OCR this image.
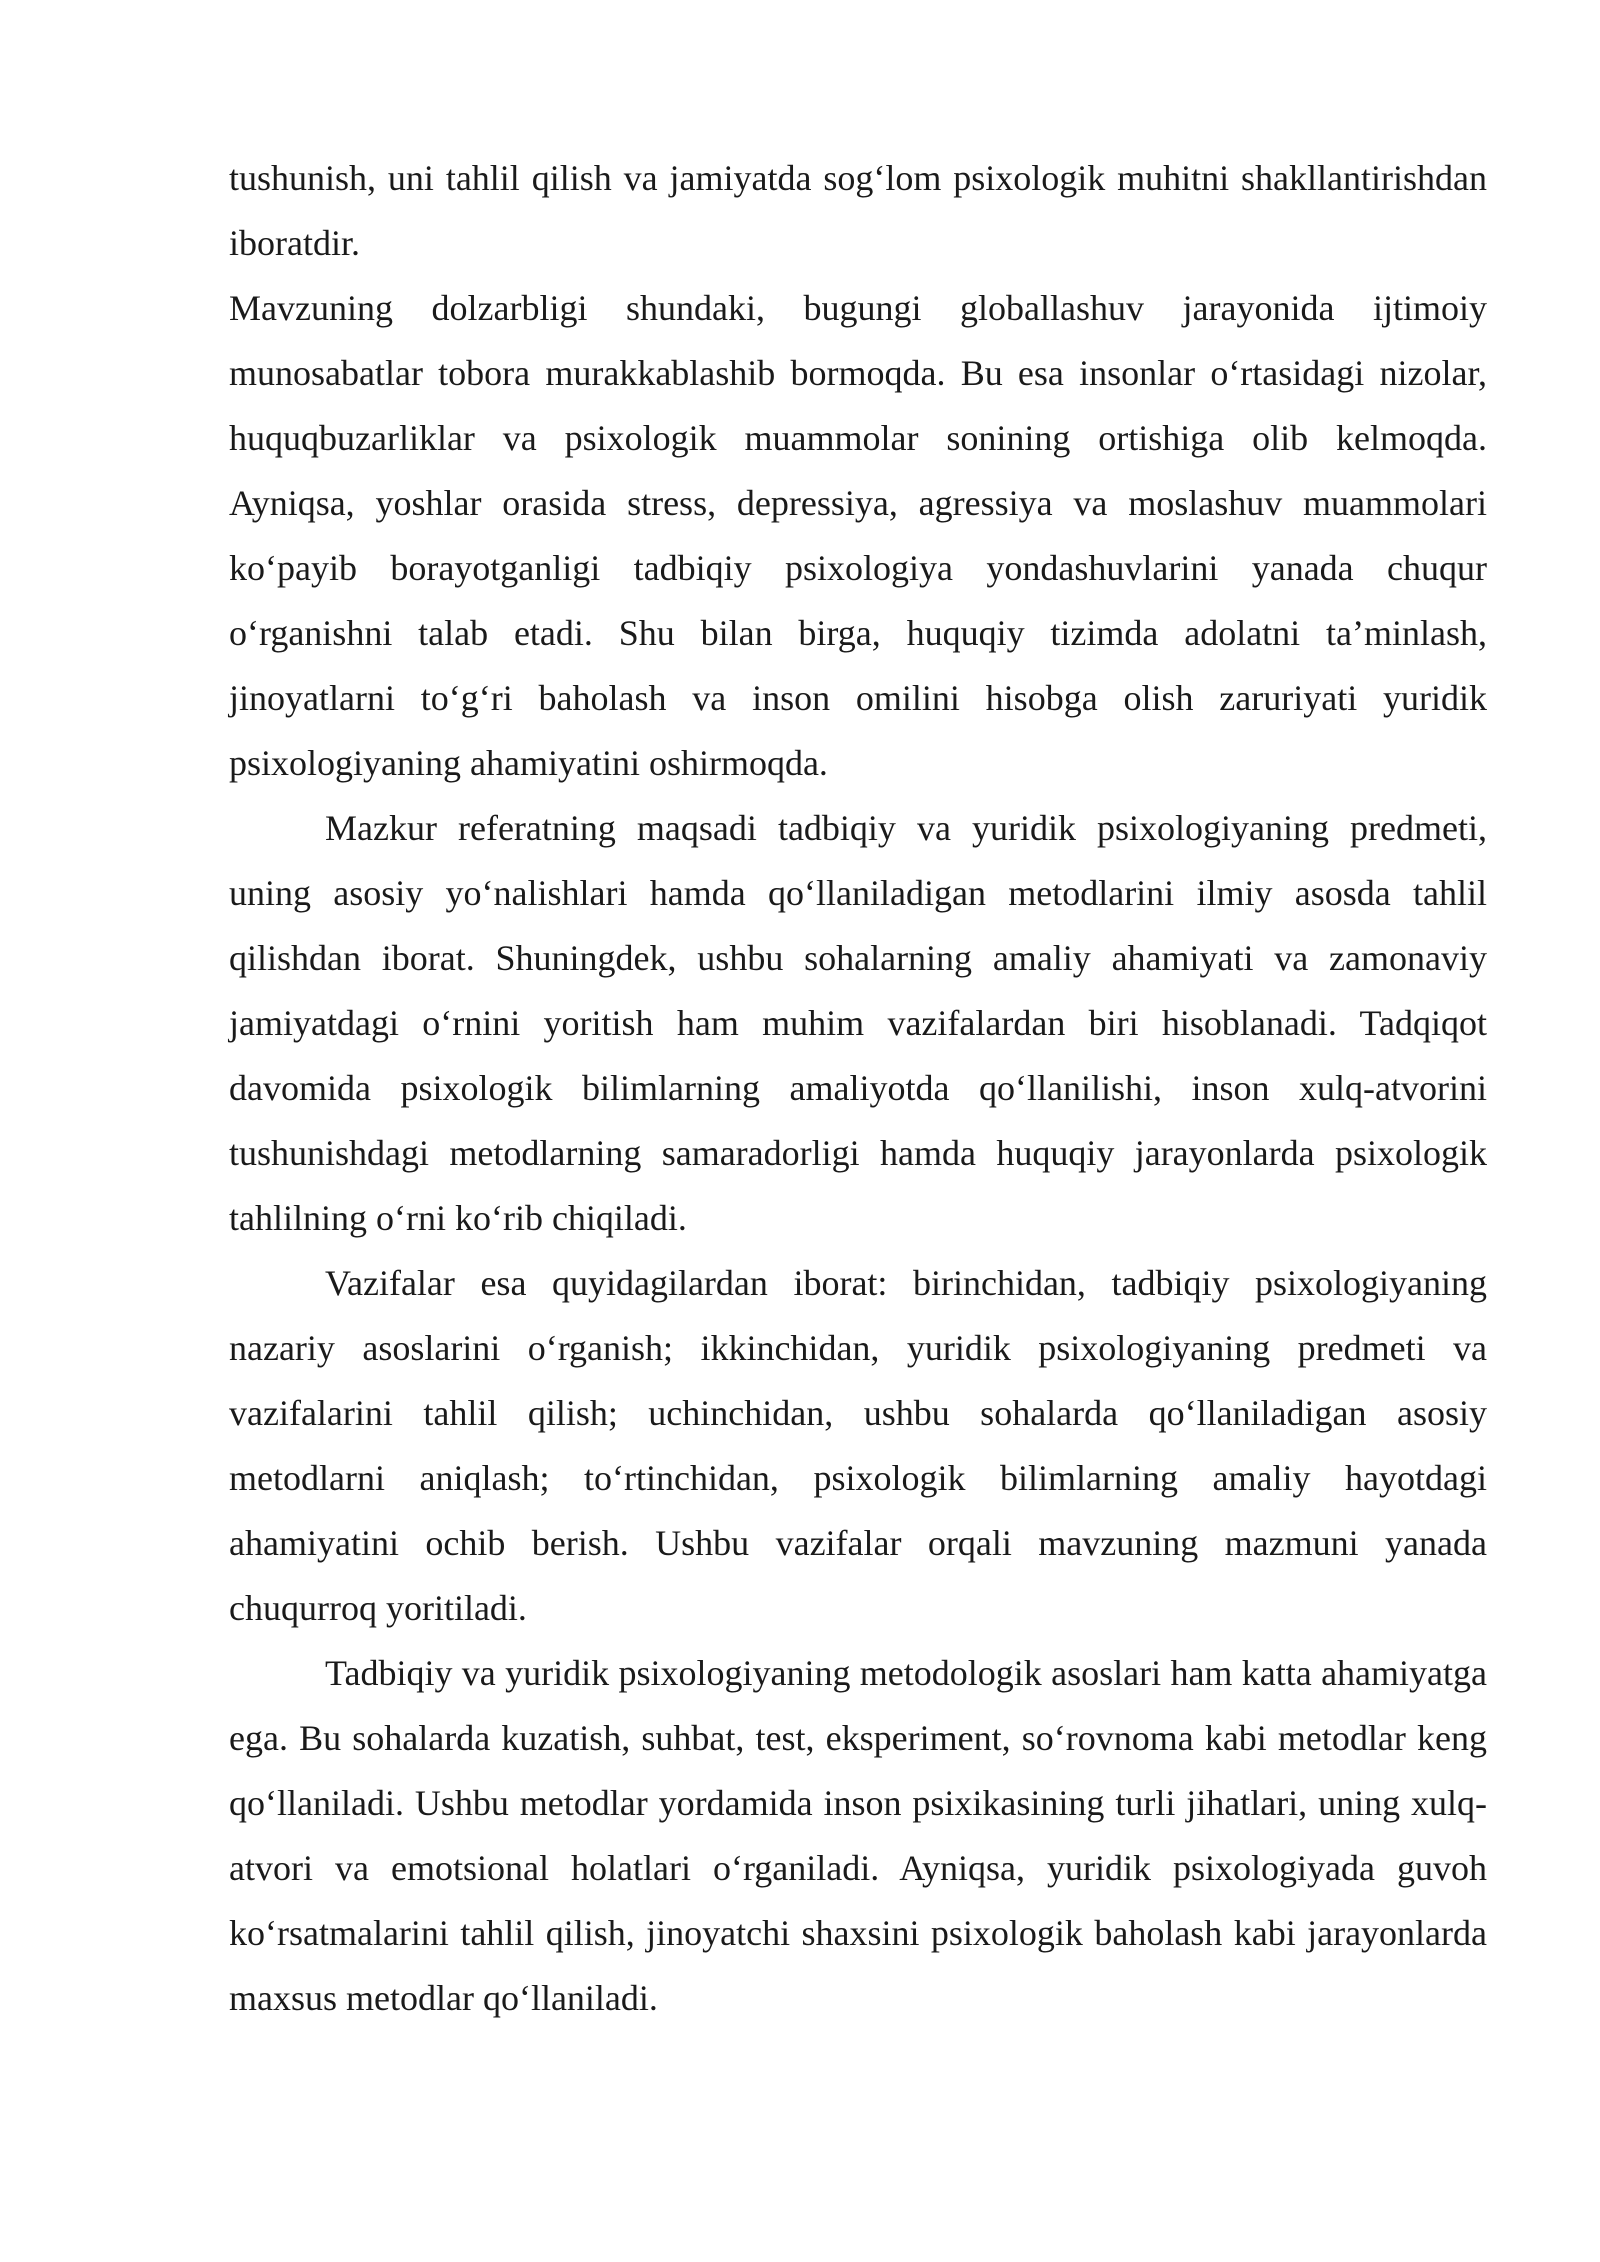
tushunish, uni tahlil qilish va jamiyatda sog‘lom psixologik muhitni shakllantirishdan iboratdir.

Mavzuning dolzarbligi shundaki, bugungi globallashuv jarayonida ijtimoiy munosabatlar tobora murakkablashib bormoqda. Bu esa insonlar o‘rtasidagi nizolar, huquqbuzarliklar va psixologik muammolar sonining ortishiga olib kelmoqda. Ayniqsa, yoshlar orasida stress, depressiya, agressiya va moslashuv muammolari ko‘payib borayotganligi tadbiqiy psixologiya yondashuvlarini yanada chuqur o‘rganishni talab etadi. Shu bilan birga, huquqiy tizimda adolatni ta’minlash, jinoyatlarni to‘g‘ri baholash va inson omilini hisobga olish zaruriyati yuridik psixologiyaning ahamiyatini oshirmoqda.

Mazkur referatning maqsadi tadbiqiy va yuridik psixologiyaning predmeti, uning asosiy yo‘nalishlari hamda qo‘llaniladigan metodlarini ilmiy asosda tahlil qilishdan iborat. Shuningdek, ushbu sohalarning amaliy ahamiyati va zamonaviy jamiyatdagi o‘rnini yoritish ham muhim vazifalardan biri hisoblanadi. Tadqiqot davomida psixologik bilimlarning amaliyotda qo‘llanilishi, inson xulq-atvorini tushunishdagi metodlarning samaradorligi hamda huquqiy jarayonlarda psixologik tahlilning o‘rni ko‘rib chiqiladi.

Vazifalar esa quyidagilardan iborat: birinchidan, tadbiqiy psixologiyaning nazariy asoslarini o‘rganish; ikkinchidan, yuridik psixologiyaning predmeti va vazifalarini tahlil qilish; uchinchidan, ushbu sohalarda qo‘llaniladigan asosiy metodlarni aniqlash; to‘rtinchidan, psixologik bilimlarning amaliy hayotdagi ahamiyatini ochib berish. Ushbu vazifalar orqali mavzuning mazmuni yanada chuqurroq yoritiladi.

Tadbiqiy va yuridik psixologiyaning metodologik asoslari ham katta ahamiyatga ega. Bu sohalarda kuzatish, suhbat, test, eksperiment, so‘rovnoma kabi metodlar keng qo‘llaniladi. Ushbu metodlar yordamida inson psixikasining turli jihatlari, uning xulq-atvori va emotsional holatlari o‘rganiladi. Ayniqsa, yuridik psixologiyada guvoh ko‘rsatmalarini tahlil qilish, jinoyatchi shaxsini psixologik baholash kabi jarayonlarda maxsus metodlar qo‘llaniladi.
